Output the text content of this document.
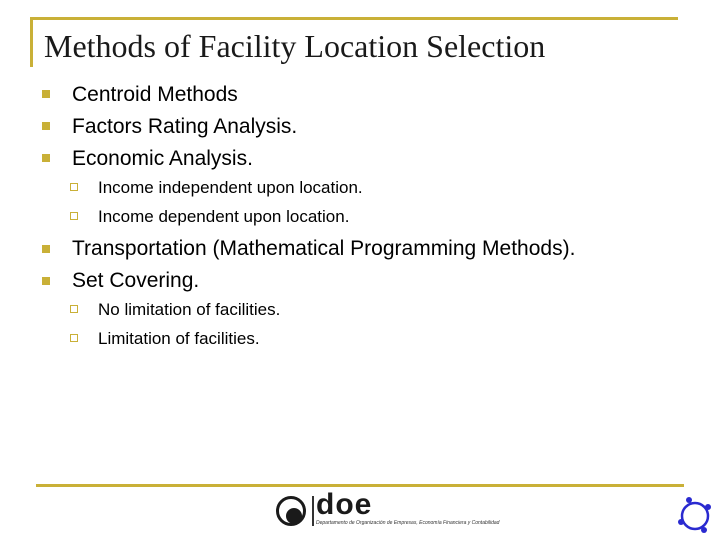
Methods of Facility Location Selection
Centroid Methods
Factors Rating Analysis.
Economic Analysis.
Income independent upon location.
Income dependent upon location.
Transportation (Mathematical Programming Methods).
Set Covering.
No limitation of facilities.
Limitation of facilities.
doe
Departamento de Organización de Empresas, Economía Financiera y Contabilidad
